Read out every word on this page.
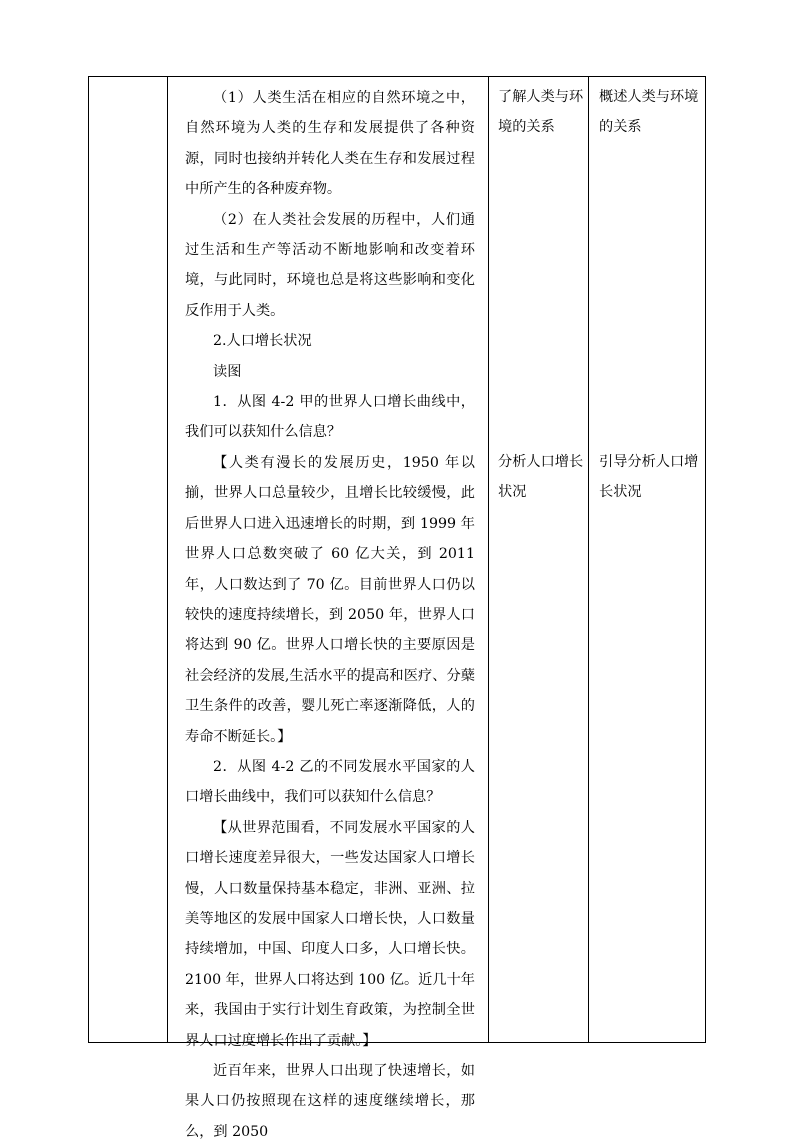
（1）人类生活在相应的自然环境之中，自然环境为人类的生存和发展提供了各种资源，同时也接纳并转化人类在生存和发展过程中所产生的各种废弃物。

（2）在人类社会发展的历程中，人们通过生活和生产等活动不断地影响和改变着环境，与此同时，环境也总是将这些影响和变化反作用于人类。

2.人口增长状况

读图

1．从图 4-2 甲的世界人口增长曲线中，我们可以获知什么信息？

【人类有漫长的发展历史，1950 年以揃，世界人口总量较少，且增长比较缓慢，此后世界人口进入迅速增长的时期，到 1999 年世界人口总数突破了 60 亿大关，到 2011 年，人口数达到了 70 亿。目前世界人口仍以较快的速度持续增长，到 2050 年，世界人口将达到 90 亿。世界人口增长快的主要原因是社会经济的发展,生活水平的提高和医疗、分蘖卫生条件的改善，婴儿死亡率逐渐降低，人的寿命不断延长。】

2．从图 4-2 乙的不同发展水平国家的人口增长曲线中，我们可以获知什么信息？

【从世界范围看，不同发展水平国家的人口增长速度差异很大，一些发达国家人口增长慢，人口数量保持基本稳定，非洲、亚洲、拉美等地区的发展中国家人口增长快，人口数量持续增加，中国、印度人口多，人口增长快。2100 年，世界人口将达到 100 亿。近几十年来，我国由于实行计划生育政策，为控制全世界人口过度增长作出了贡献。】

近百年来，世界人口出现了快速增长，如果人口仍按照现在这样的速度继续增长，那么，到 2050

了解人类与环境的关系

分析人口增长状况

概述人类与环境的关系

引导分析人口增长状况
